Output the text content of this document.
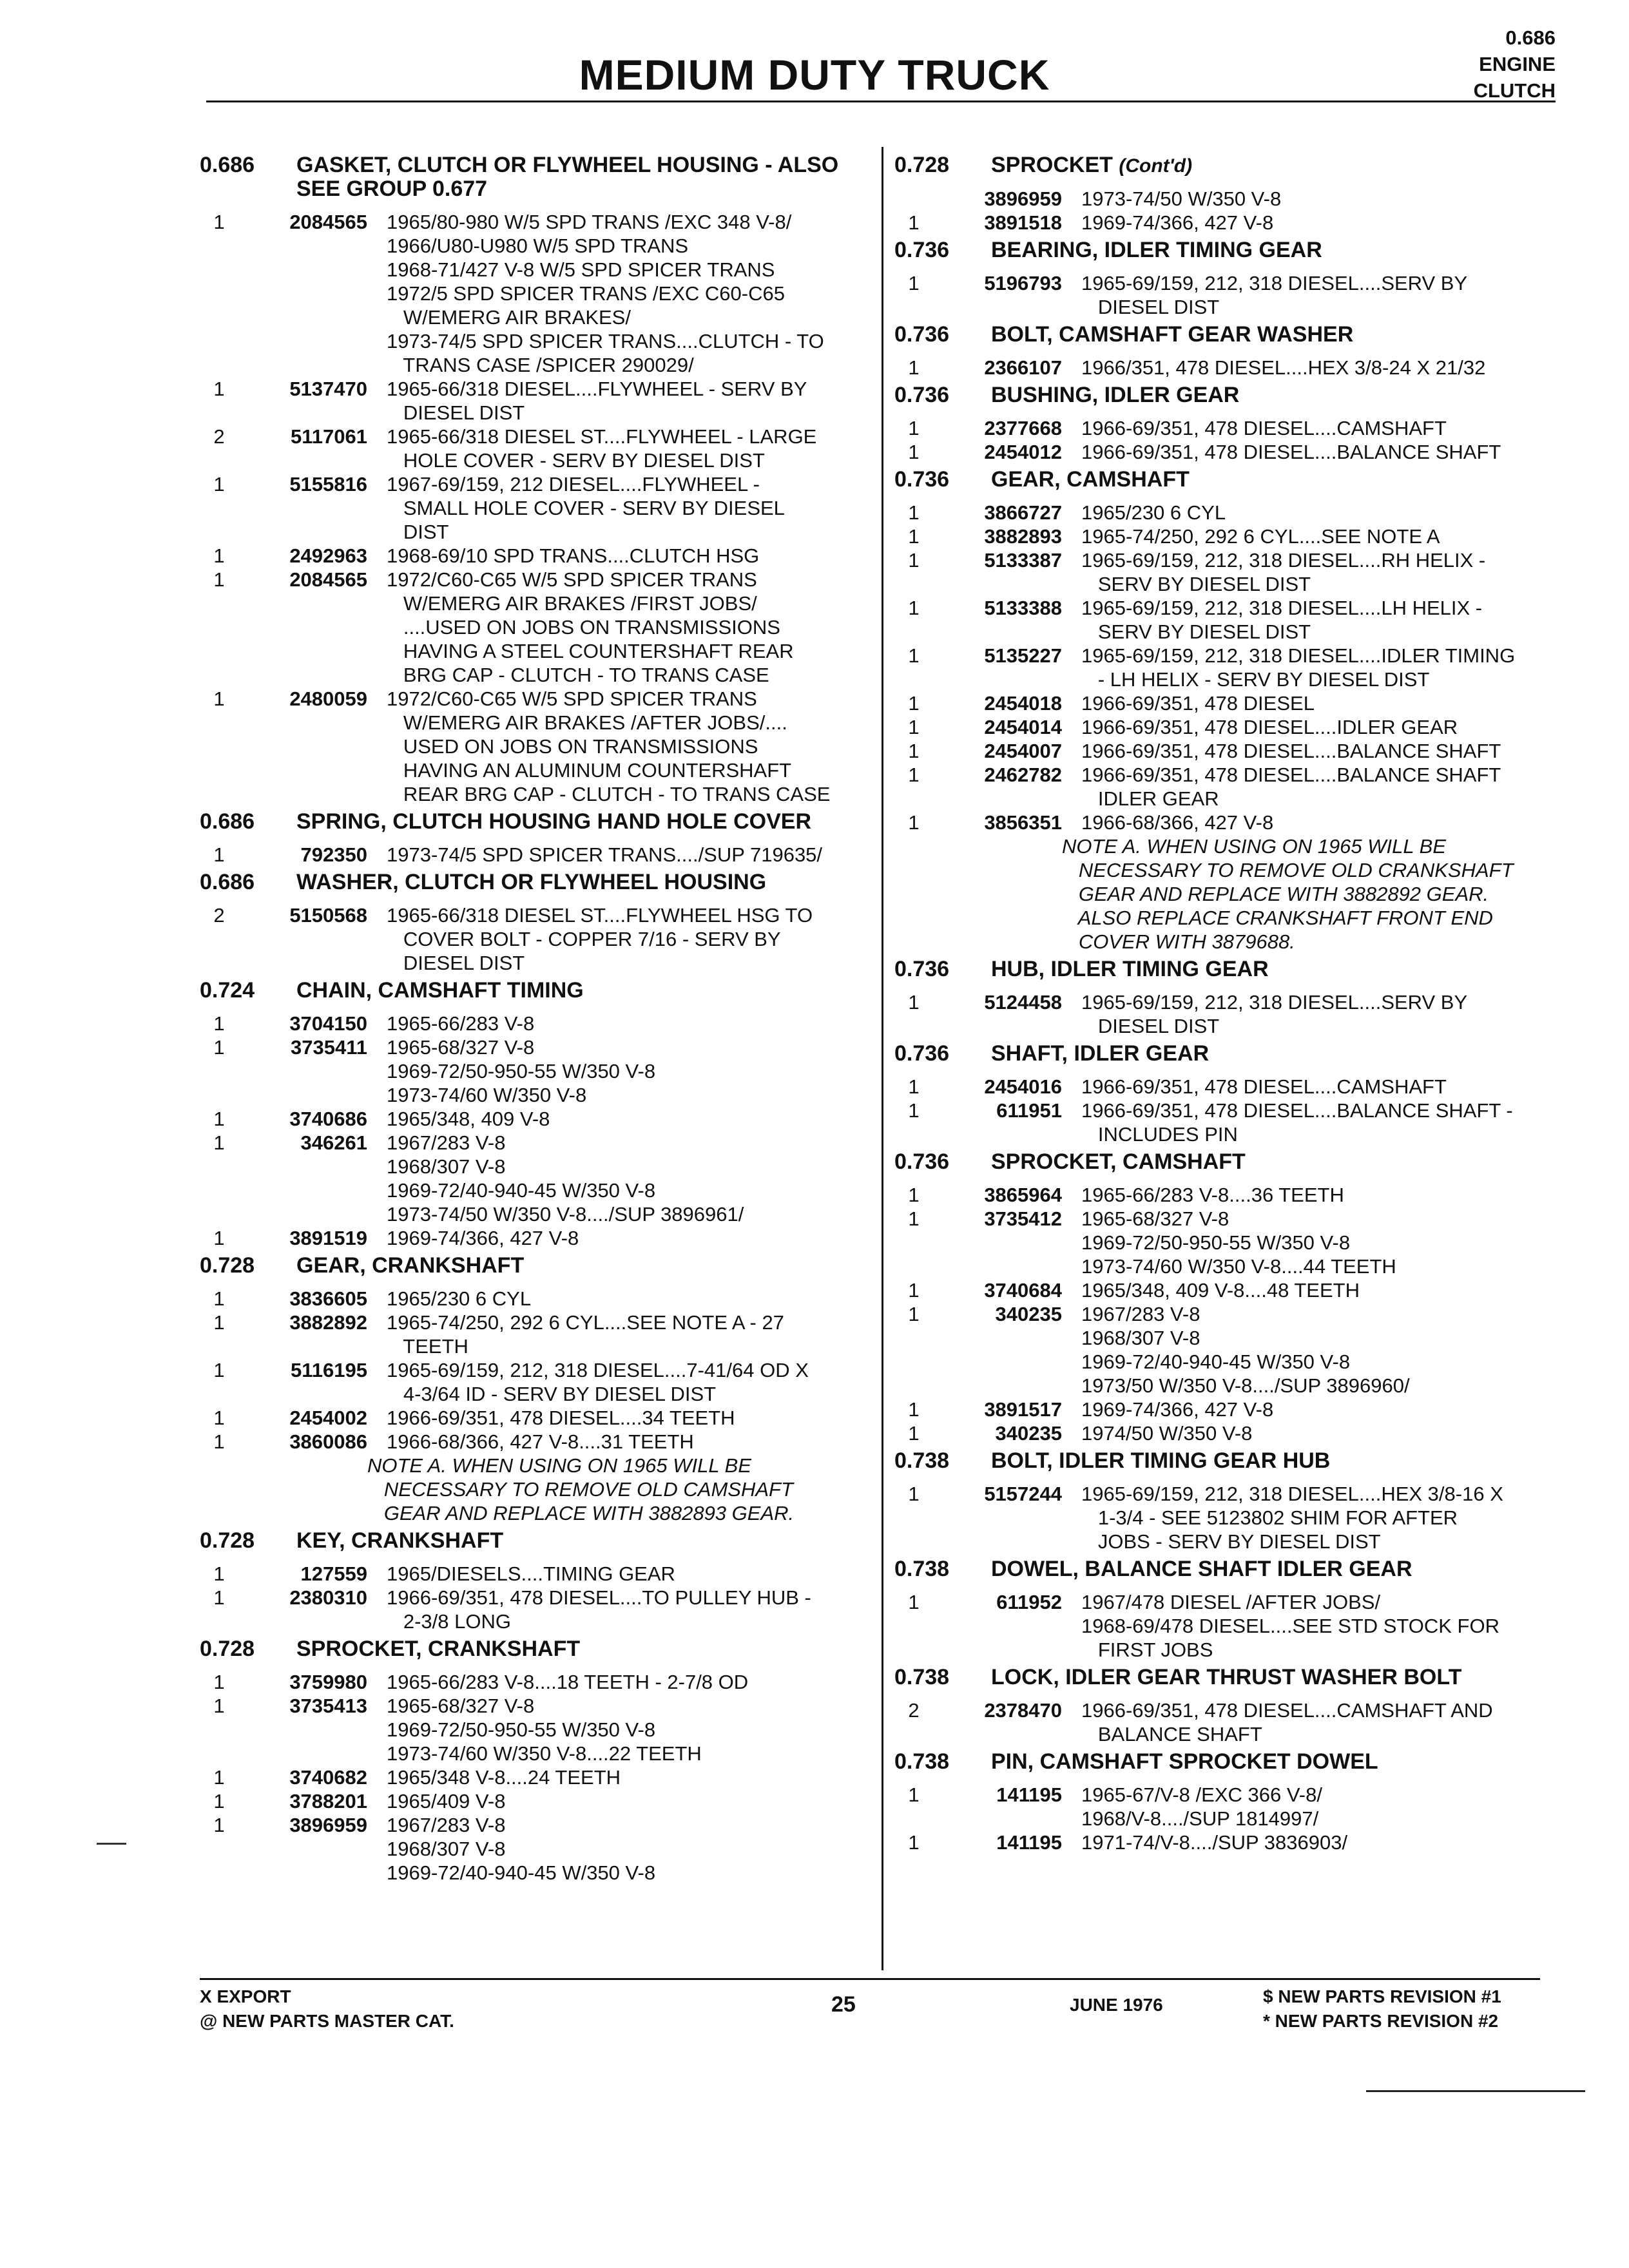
MEDIUM DUTY TRUCK
0.686
ENGINE
CLUTCH
0.686 GASKET, CLUTCH OR FLYWHEEL HOUSING - ALSO SEE GROUP 0.677
1	2084565 1965/80-980 W/5 SPD TRANS /EXC 348 V-8/
1966/U80-U980 W/5 SPD TRANS
1968-71/427 V-8 W/5 SPD SPICER TRANS
1972/5 SPD SPICER TRANS /EXC C60-C65
W/EMERG AIR BRAKES/
1973-74/5 SPD SPICER TRANS....CLUTCH - TO
TRANS CASE /SPICER 290029/
1	5137470 1965-66/318 DIESEL....FLYWHEEL - SERV BY
DIESEL DIST
2	5117061 1965-66/318 DIESEL ST....FLYWHEEL - LARGE
HOLE COVER - SERV BY DIESEL DIST
1	5155816 1967-69/159, 212 DIESEL....FLYWHEEL -
SMALL HOLE COVER - SERV BY DIESEL
DIST
1	2492963 1968-69/10 SPD TRANS....CLUTCH HSG
1	2084565 1972/C60-C65 W/5 SPD SPICER TRANS
W/EMERG AIR BRAKES /FIRST JOBS/
....USED ON JOBS ON TRANSMISSIONS
HAVING A STEEL COUNTERSHAFT REAR
BRG CAP - CLUTCH - TO TRANS CASE
1	2480059 1972/C60-C65 W/5 SPD SPICER TRANS
W/EMERG AIR BRAKES /AFTER JOBS/....
USED ON JOBS ON TRANSMISSIONS
HAVING AN ALUMINUM COUNTERSHAFT
REAR BRG CAP - CLUTCH - TO TRANS CASE
0.686 SPRING, CLUTCH HOUSING HAND HOLE COVER
1	792350 1973-74/5 SPD SPICER TRANS..../SUP 719635/
0.686 WASHER, CLUTCH OR FLYWHEEL HOUSING
2	5150568 1965-66/318 DIESEL ST....FLYWHEEL HSG TO
COVER BOLT - COPPER 7/16 - SERV BY
DIESEL DIST
0.724 CHAIN, CAMSHAFT TIMING
1	3704150 1965-66/283 V-8
1	3735411 1965-68/327 V-8
1969-72/50-950-55 W/350 V-8
1973-74/60 W/350 V-8
1	3740686 1965/348, 409 V-8
1	346261 1967/283 V-8
1968/307 V-8
1969-72/40-940-45 W/350 V-8
1973-74/50 W/350 V-8..../SUP 3896961/
1	3891519 1969-74/366, 427 V-8
0.728 GEAR, CRANKSHAFT
1	3836605 1965/230 6 CYL
1	3882892 1965-74/250, 292 6 CYL....SEE NOTE A - 27
TEETH
1	5116195 1965-69/159, 212, 318 DIESEL....7-41/64 OD X
4-3/64 ID - SERV BY DIESEL DIST
1	2454002 1966-69/351, 478 DIESEL....34 TEETH
1	3860086 1966-68/366, 427 V-8....31 TEETH
NOTE A. WHEN USING ON 1965 WILL BE
NECESSARY TO REMOVE OLD CAMSHAFT
GEAR AND REPLACE WITH 3882893 GEAR.
0.728 KEY, CRANKSHAFT
1	127559 1965/DIESELS....TIMING GEAR
1	2380310 1966-69/351, 478 DIESEL....TO PULLEY HUB -
2-3/8 LONG
0.728 SPROCKET, CRANKSHAFT
1	3759980 1965-66/283 V-8....18 TEETH - 2-7/8 OD
1	3735413 1965-68/327 V-8
1969-72/50-950-55 W/350 V-8
1973-74/60 W/350 V-8....22 TEETH
1	3740682 1965/348 V-8....24 TEETH
1	3788201 1965/409 V-8
1	3896959 1967/283 V-8
1968/307 V-8
1969-72/40-940-45 W/350 V-8
0.728 SPROCKET (Cont'd)
3896959 1973-74/50 W/350 V-8
1	3891518 1969-74/366, 427 V-8
0.736 BEARING, IDLER TIMING GEAR
1	5196793 1965-69/159, 212, 318 DIESEL....SERV BY
DIESEL DIST
0.736 BOLT, CAMSHAFT GEAR WASHER
1	2366107 1966/351, 478 DIESEL....HEX 3/8-24 X 21/32
0.736 BUSHING, IDLER GEAR
1	2377668 1966-69/351, 478 DIESEL....CAMSHAFT
1	2454012 1966-69/351, 478 DIESEL....BALANCE SHAFT
0.736 GEAR, CAMSHAFT
1	3866727 1965/230 6 CYL
1	3882893 1965-74/250, 292 6 CYL....SEE NOTE A
1	5133387 1965-69/159, 212, 318 DIESEL....RH HELIX -
SERV BY DIESEL DIST
1	5133388 1965-69/159, 212, 318 DIESEL....LH HELIX -
SERV BY DIESEL DIST
1	5135227 1965-69/159, 212, 318 DIESEL....IDLER TIMING
- LH HELIX - SERV BY DIESEL DIST
1	2454018 1966-69/351, 478 DIESEL
1	2454014 1966-69/351, 478 DIESEL....IDLER GEAR
1	2454007 1966-69/351, 478 DIESEL....BALANCE SHAFT
1	2462782 1966-69/351, 478 DIESEL....BALANCE SHAFT
IDLER GEAR
1	3856351 1966-68/366, 427 V-8
NOTE A. WHEN USING ON 1965 WILL BE
NECESSARY TO REMOVE OLD CRANKSHAFT
GEAR AND REPLACE WITH 3882892 GEAR.
ALSO REPLACE CRANKSHAFT FRONT END
COVER WITH 3879688.
0.736 HUB, IDLER TIMING GEAR
1	5124458 1965-69/159, 212, 318 DIESEL....SERV BY
DIESEL DIST
0.736 SHAFT, IDLER GEAR
1	2454016 1966-69/351, 478 DIESEL....CAMSHAFT
1	611951 1966-69/351, 478 DIESEL....BALANCE SHAFT -
INCLUDES PIN
0.736 SPROCKET, CAMSHAFT
1	3865964 1965-66/283 V-8....36 TEETH
1	3735412 1965-68/327 V-8
1969-72/50-950-55 W/350 V-8
1973-74/60 W/350 V-8....44 TEETH
1	3740684 1965/348, 409 V-8....48 TEETH
1	340235 1967/283 V-8
1968/307 V-8
1969-72/40-940-45 W/350 V-8
1973/50 W/350 V-8..../SUP 3896960/
1	3891517 1969-74/366, 427 V-8
1	340235 1974/50 W/350 V-8
0.738 BOLT, IDLER TIMING GEAR HUB
1	5157244 1965-69/159, 212, 318 DIESEL....HEX 3/8-16 X
1-3/4 - SEE 5123802 SHIM FOR AFTER
JOBS - SERV BY DIESEL DIST
0.738 DOWEL, BALANCE SHAFT IDLER GEAR
1	611952 1967/478 DIESEL /AFTER JOBS/
1968-69/478 DIESEL....SEE STD STOCK FOR
FIRST JOBS
0.738 LOCK, IDLER GEAR THRUST WASHER BOLT
2	2378470 1966-69/351, 478 DIESEL....CAMSHAFT AND
BALANCE SHAFT
0.738 PIN, CAMSHAFT SPROCKET DOWEL
1	141195 1965-67/V-8 /EXC 366 V-8/
1968/V-8..../SUP 1814997/
1	141195 1971-74/V-8..../SUP 3836903/
X EXPORT
@ NEW PARTS MASTER CAT.
25	JUNE 1976	$ NEW PARTS REVISION #1
* NEW PARTS REVISION #2
